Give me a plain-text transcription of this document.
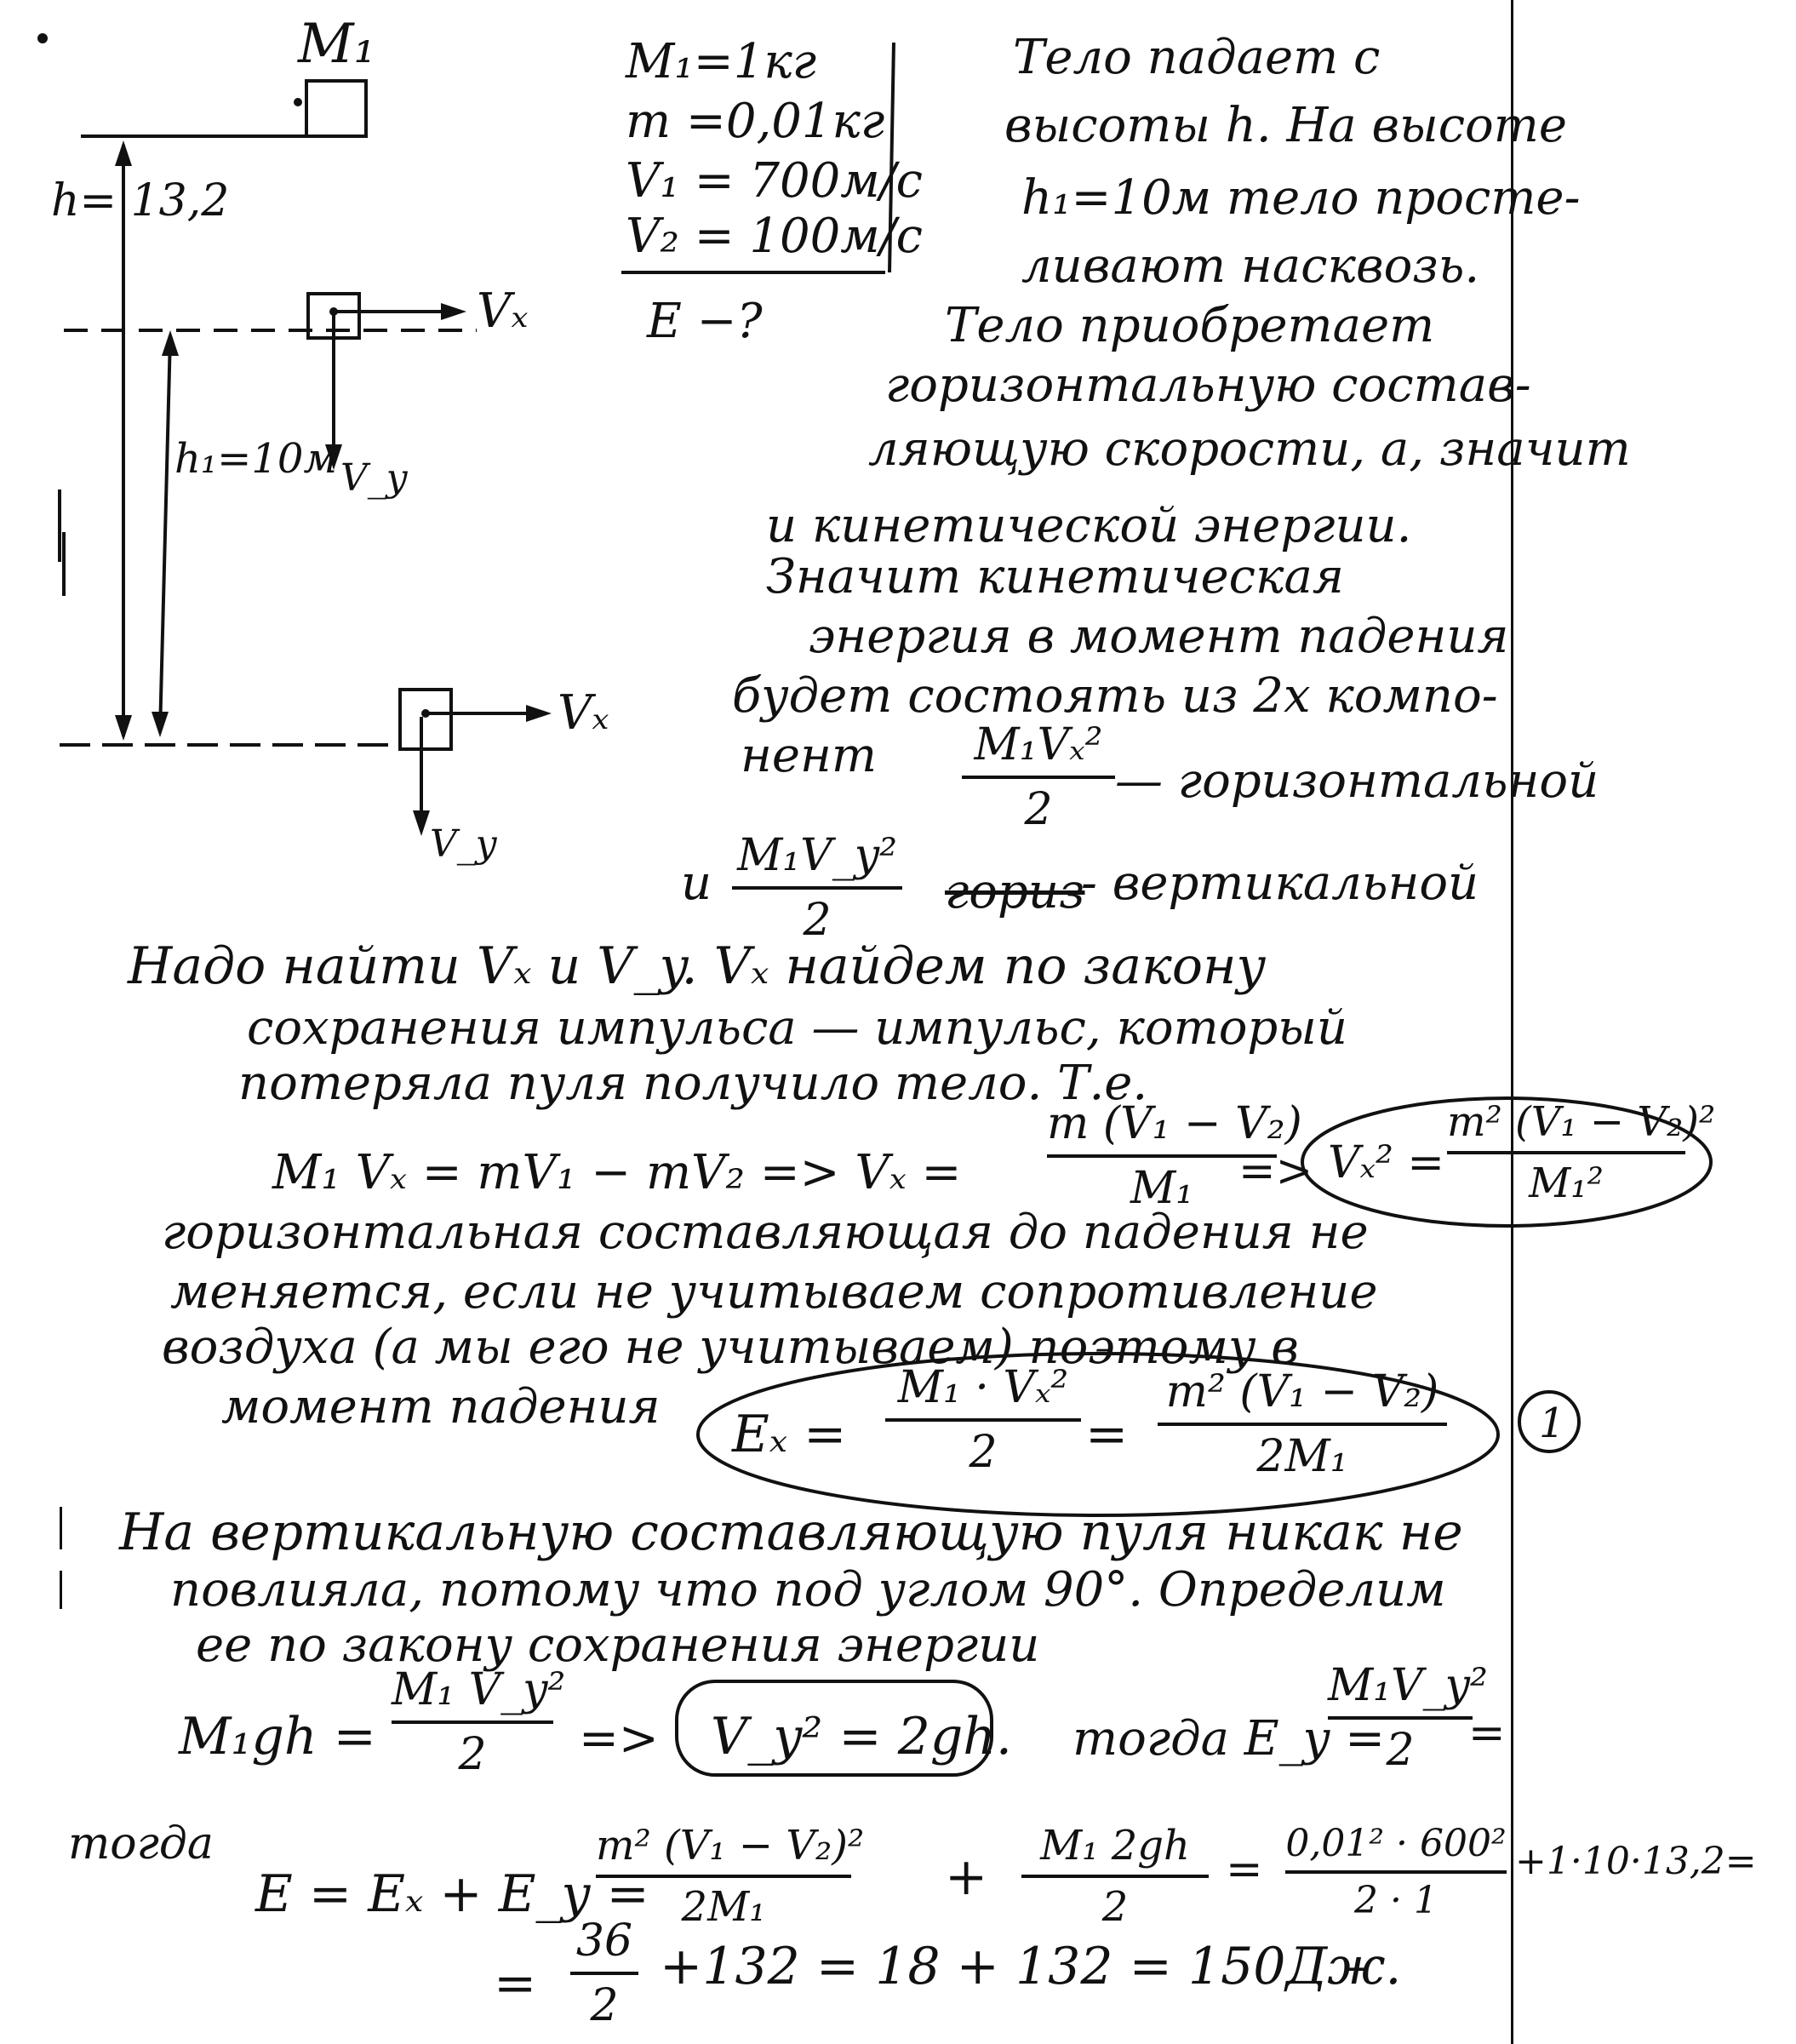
M₁
h= 13,2
h₁=10м
Vₓ
V_y
Vₓ
V_y
M₁=1кг
m =0,01кг
V₁ = 700м/с
V₂ = 100м/с
E −?
Тело падает с
высоты h. На высоте
h₁=10м тело просте-
ливают насквозь.
Тело приобретает
горизонтальную состав-
ляющую скорости, а, значит
и кинетической энергии.
Значит кинетическая
энергия в момент падения
будет состоять из 2х компо-
нент M₁Vₓ²
2
— горизонтальной
и M₁V_y²
2
гориз
- вертикальной
Надо найти Vₓ и V_y. Vₓ найдем по закону
сохранения импульса — импульс, который
потеряла пуля получило тело. Т.е.
M₁ Vₓ = mV₁ − mV₂ => Vₓ =
m (V₁ − V₂)
M₁	=> Vₓ² =
m² (V₁ − V₂)²
M₁²
горизонтальная составляющая до падения не
меняется, если не учитываем сопротивление
воздуха (а мы его не учитываем) поэтому в
момент падения Eₓ =
M₁ · Vₓ²
2	=
m² (V₁ − V₂)
2M₁
1
На вертикальную составляющую пуля никак не
повлияла, потому что под углом 90°. Определим
ее по закону сохранения энергии
M₁gh =
M₁ V_y²
2	=> V_y² = 2gh. тогда E_y =
M₁V_y²
2	=
тогда
E = Eₓ + E_y =
m² (V₁ − V₂)²
2M₁	+
M₁ 2gh
2
=
0,01² · 600²
2 · 1
+1·10·13,2=
=
36
2
+132 = 18 + 132 = 150Дж.
